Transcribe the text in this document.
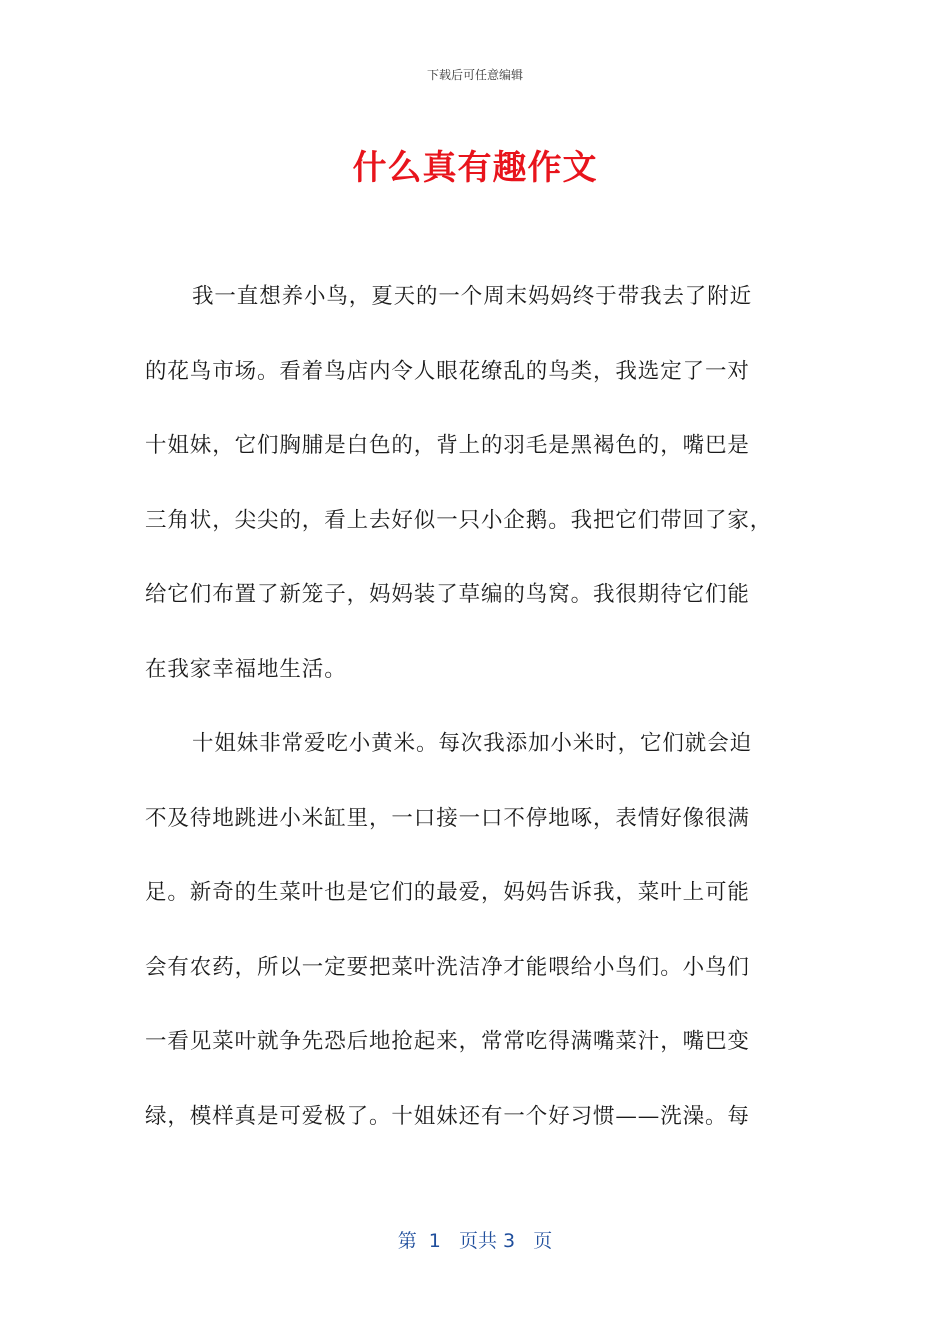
下载后可任意编辑
什么真有趣作文
我一直想养小鸟，夏天的一个周末妈妈终于带我去了附近
的花鸟市场。看着鸟店内令人眼花缭乱的鸟类，我选定了一对
十姐妹，它们胸脯是白色的，背上的羽毛是黑褐色的，嘴巴是
三角状，尖尖的，看上去好似一只小企鹅。我把它们带回了家，
给它们布置了新笼子，妈妈装了草编的鸟窝。我很期待它们能
在我家幸福地生活。
十姐妹非常爱吃小黄米。每次我添加小米时，它们就会迫
不及待地跳进小米缸里，一口接一口不停地啄，表情好像很满
足。新奇的生菜叶也是它们的最爱，妈妈告诉我，菜叶上可能
会有农药，所以一定要把菜叶洗洁净才能喂给小鸟们。小鸟们
一看见菜叶就争先恐后地抢起来，常常吃得满嘴菜汁，嘴巴变
绿，模样真是可爱极了。十姐妹还有一个好习惯——洗澡。每
第  1   页共 3   页
